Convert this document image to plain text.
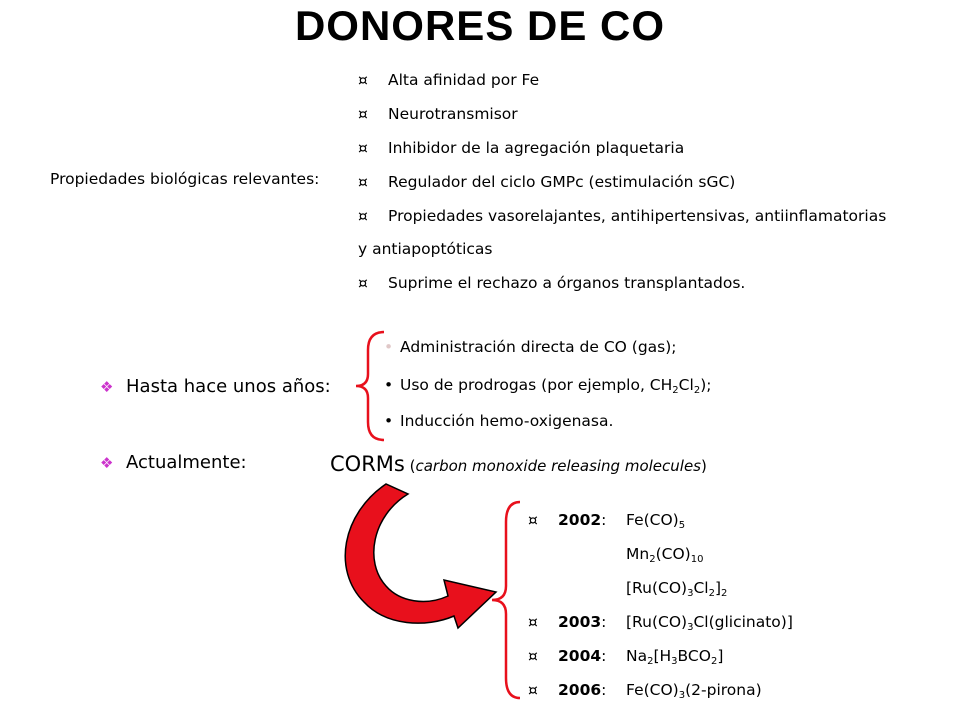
DONORES DE CO
Propiedades biológicas relevantes:
¤ Alta afinidad por Fe
¤ Neurotransmisor
¤ Inhibidor de la agregación plaquetaria
¤ Regulador del ciclo GMPc (estimulación sGC)
¤ Propiedades vasorelajantes, antihipertensivas, antiinflamatorias
y antiapoptóticas
¤ Suprime el rechazo a órganos transplantados.
❖ Hasta hace unos años:
• Administración directa de CO (gas);
• Uso de prodrogas (por ejemplo, $CH_2Cl_2$);
• Inducción hemo-oxigenasa.
❖ Actualmente:	CORMs (carbon monoxide releasing molecules)
¤ 2002: $Fe(CO)_5$
$Mn_2(CO)_{10}$
$[Ru(CO)_3Cl_2]_2$
¤ 2003: $[Ru(CO)_3Cl(glicinato)]$
¤ 2004: $Na_2[H_3BCO_2]$
¤ 2006: $Fe(CO)_3(2-pirona)$
